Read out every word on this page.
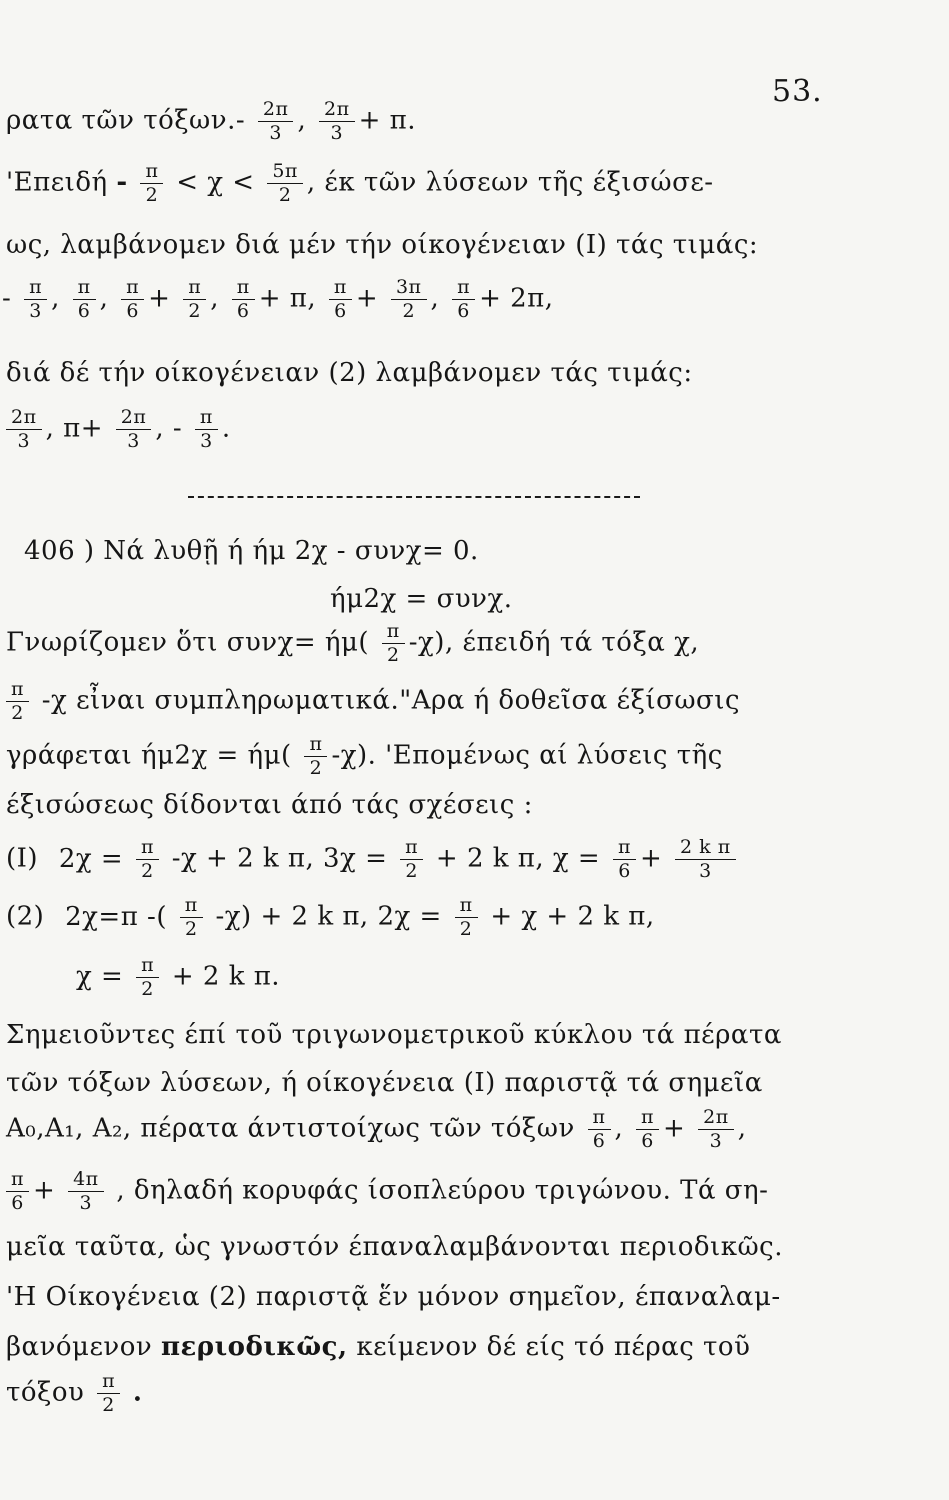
53.
ρατα τῶν $\tau ό\xi\omega\nu.- \frac{2\pi}{3}$ , $\frac{2\pi}{3} + \pi$.
'$E\pi\varepsilon\iota\delta ή - \frac{\pi}{2} < \chi < \frac{5\pi}{2}$ , έκ τῶν λύσεων τῆς έξισώσε-
ως, λαμβάνομεν διά μέν τήν οίκογένειαν (I) τάς τιμάς:
- $\frac{\pi}{3}$ , $\frac{\pi}{6}$ , $\frac{\pi}{6} + \frac{\pi}{2}$ , $\frac{\pi}{6} + \pi$, $\frac{\pi}{6} + \frac{3\pi}{2}$ , $\frac{\pi}{6} + 2\pi$,
διά δέ τήν οίκογένειαν (2) λαμβάνομεν τάς τιμάς:
$\frac{2\pi}{3}$ , $\pi+ \frac{2\pi}{3}$ , - $\frac{\pi}{3}$ .
406 ) Νά λυθῇ ή ήμ 2χ - συνχ= 0.
ήμ2χ = συνχ.
Γνωρίζομεν ὅτι $\sigma\upsilon\nu\chi= ή\mu( \frac{\pi}{2} -\chi)$, έπειδή τά τόξα χ,
$\frac{\pi}{2} -\chi$ εἶναι συμπληρωματικά."Αρα ή δοθεῖσα έξίσωσις
γράφεται $ή\mu 2\chi = ή\mu( \frac{\pi}{2} -\chi)$. 'Επομένως αί λύσεις τῆς
έξισώσεως δίδονται άπό τάς σχέσεις :
(I) $2\chi = \frac{\pi}{2} -\chi + 2$ k π, $3\chi = \frac{\pi}{2} + 2$ k π, $\chi = \frac{\pi}{6} + \frac{\text{2 k π}}{3}$
(2) 2χ=π -( $\frac{\pi}{2} -\chi) + 2$ k π, $2\chi = \frac{\pi}{2} + \chi + 2$ k π,
$\chi = \frac{\pi}{2} + 2$ k π.
Σημειοῦντες έπί τοῦ τριγωνομετρικοῦ κύκλου τά πέρατα
τῶν τόξων λύσεων, ή οίκογένεια (I) παριστᾷ τά σημεῖα
A₀,A₁, A₂, πέρατα άντιστοίχως τῶν τόξων $\frac{\pi}{6}$ , $\frac{\pi}{6} + \frac{2\pi}{3}$ ,
$\frac{\pi}{6} + \frac{4\pi}{3}$ , δηλαδή κορυφάς ίσοπλεύρου τριγώνου. Τά ση-
μεῖα ταῦτα, ὡς γνωστόν έπαναλαμβάνονται περιοδικῶς.
'Η Οίκογένεια (2) παριστᾷ ἕν μόνον σημεῖον, έπαναλαμ-
βανόμενον περιοδικῶς, κείμενον δέ είς τό πέρας τοῦ
τόξου $\frac{\pi}{2}$ .
